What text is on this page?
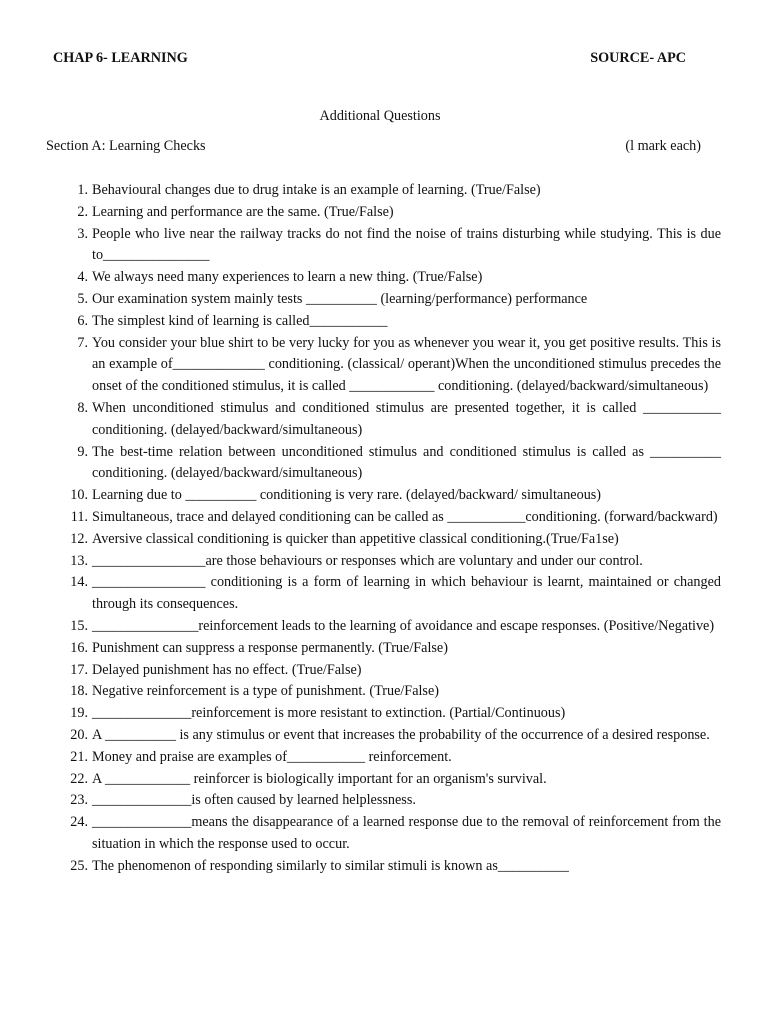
CHAP 6- LEARNING	SOURCE- APC
Additional Questions
Section A: Learning Checks	(l mark each)
1. Behavioural changes due to drug intake is an example of learning. (True/False)
2. Learning and performance are the same. (True/False)
3. People who live near the railway tracks do not find the noise of trains disturbing while studying. This is due to_______________
4. We always need many experiences to learn a new thing. (True/False)
5. Our examination system mainly tests __________ (learning/performance) performance
6. The simplest kind of learning is called___________
7. You consider your blue shirt to be very lucky for you as whenever you wear it, you get positive results. This is an example of_____________ conditioning. (classical/ operant)When the unconditioned stimulus precedes the onset of the conditioned stimulus, it is called ____________ conditioning. (delayed/backward/simultaneous)
8. When unconditioned stimulus and conditioned stimulus are presented together, it is called ___________ conditioning. (delayed/backward/simultaneous)
9. The best-time relation between unconditioned stimulus and conditioned stimulus is called as __________ conditioning. (delayed/backward/simultaneous)
10. Learning due to __________ conditioning is very rare. (delayed/backward/ simultaneous)
11. Simultaneous, trace and delayed conditioning can be called as ___________conditioning. (forward/backward)
12. Aversive classical conditioning is quicker than appetitive classical conditioning.(True/Fa1se)
13. ________________are those behaviours or responses which are voluntary and under our control.
14. ________________ conditioning is a form of learning in which behaviour is learnt, maintained or changed through its consequences.
15. _______________reinforcement leads to the learning of avoidance and escape responses. (Positive/Negative)
16. Punishment can suppress a response permanently. (True/False)
17. Delayed punishment has no effect. (True/False)
18. Negative reinforcement is a type of punishment. (True/False)
19. ______________reinforcement is more resistant to extinction. (Partial/Continuous)
20. A __________ is any stimulus or event that increases the probability of the occurrence of a desired response.
21. Money and praise are examples of___________ reinforcement.
22. A ____________ reinforcer is biologically important for an organism's survival.
23. ______________is often caused by learned helplessness.
24. ______________means the disappearance of a learned response due to the removal of reinforcement from the situation in which the response used to occur.
25. The phenomenon of responding similarly to similar stimuli is known as__________
